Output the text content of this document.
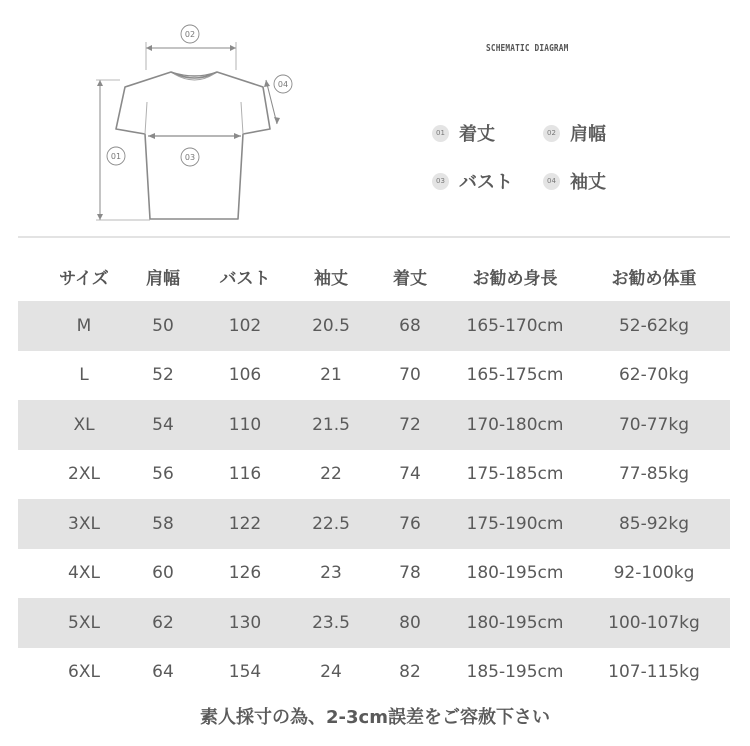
02
01	03
04
SCHEMATIC DIAGRAM
01 着丈	02 肩幅
03 バスト	04 袖丈
サイズ	肩幅	バスト	袖丈	着丈	お勧め身長	お勧め体重
M	50	102	20.5	68	165-170cm	52-62kg
L	52	106	21	70	165-175cm	62-70kg
XL	54	110	21.5	72	170-180cm	70-77kg
2XL	56	116	22	74	175-185cm	77-85kg
3XL	58	122	22.5	76	175-190cm	85-92kg
4XL	60	126	23	78	180-195cm	92-100kg
5XL	62	130	23.5	80	180-195cm	100-107kg
6XL	64	154	24	82	185-195cm	107-115kg
素人採寸の為、2-3cm誤差をご容赦下さい
